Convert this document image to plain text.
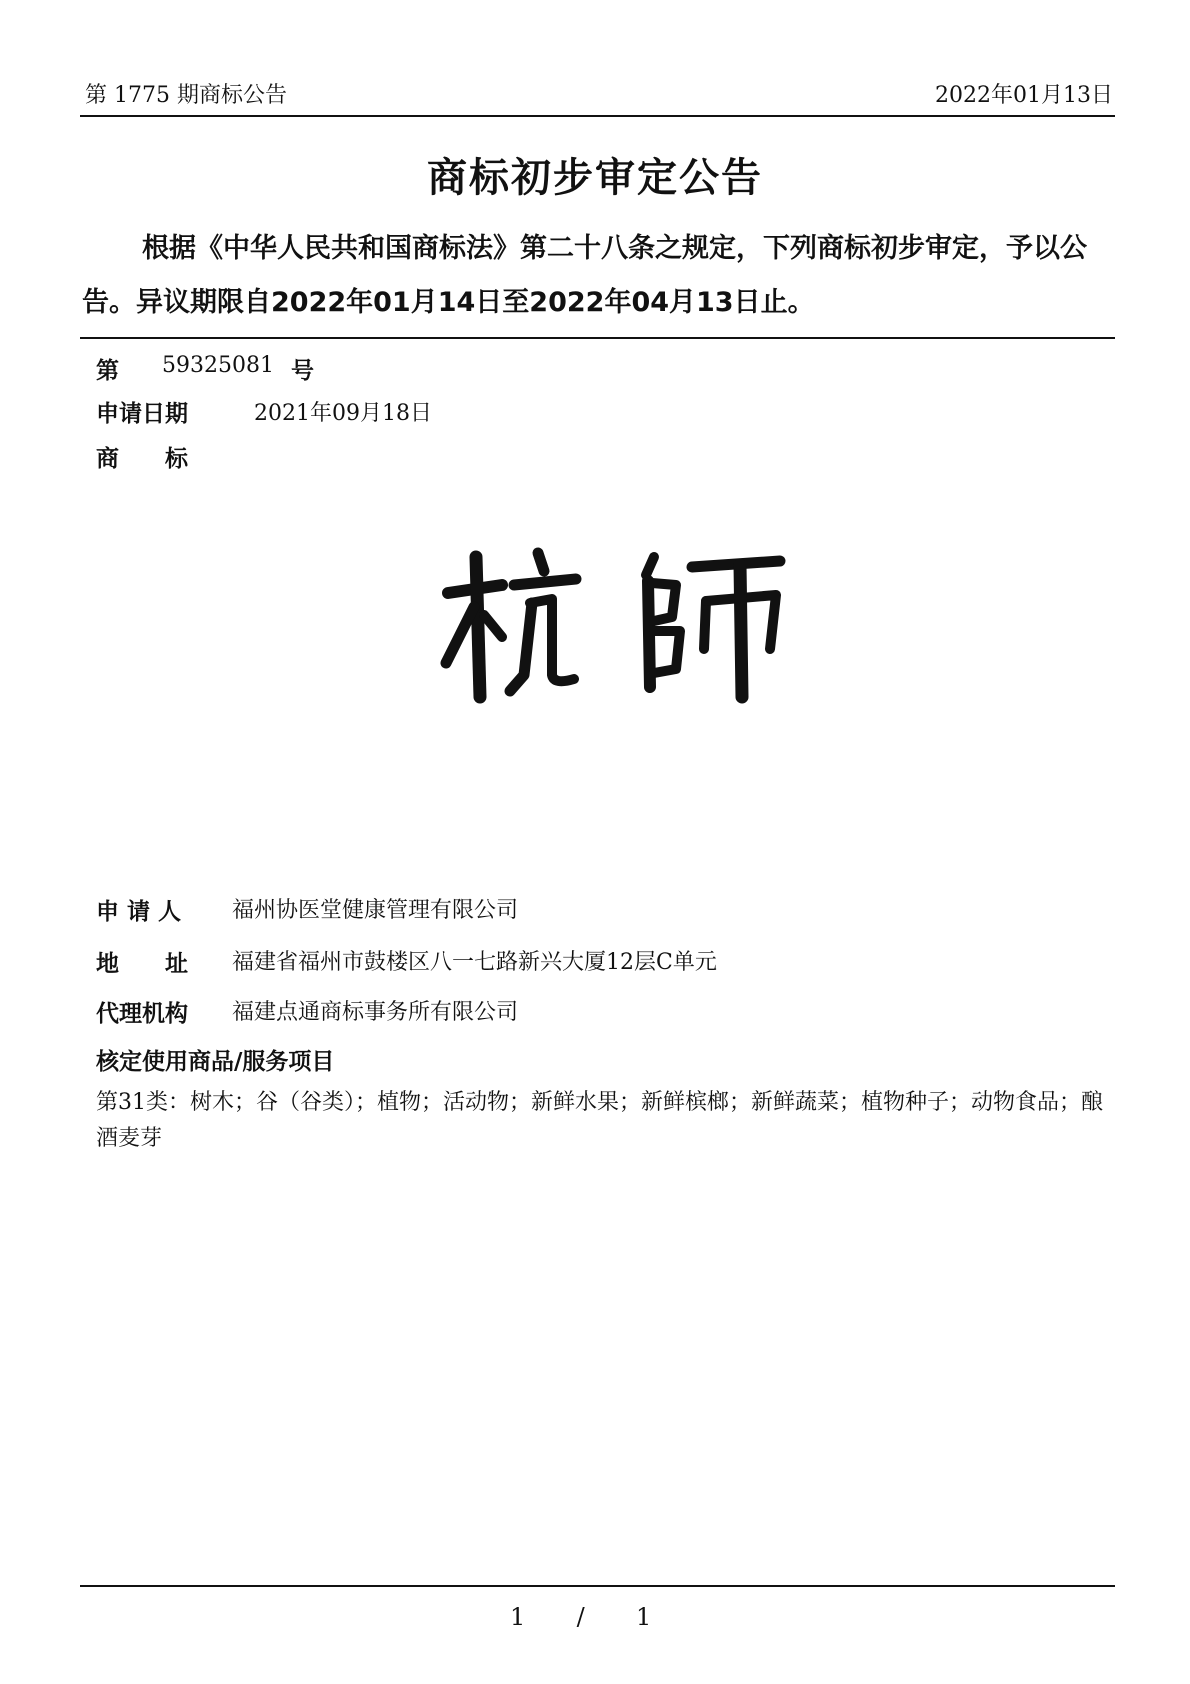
第 1775 期商标公告	2022年01月13日
商标初步审定公告
根据《中华人民共和国商标法》第二十八条之规定，下列商标初步审定，予以公告。异议期限自2022年01月14日至2022年04月13日止。
第 59325081 号
申请日期	2021年09月18日
商　　标
申 请 人 福州协医堂健康管理有限公司
地　　址 福建省福州市鼓楼区八一七路新兴大厦12层C单元
代理机构 福建点通商标事务所有限公司
核定使用商品/服务项目
第31类：树木；谷（谷类）；植物；活动物；新鲜水果；新鲜槟榔；新鲜蔬菜；植物种子；动物食品；酿酒麦芽
1 / 1
